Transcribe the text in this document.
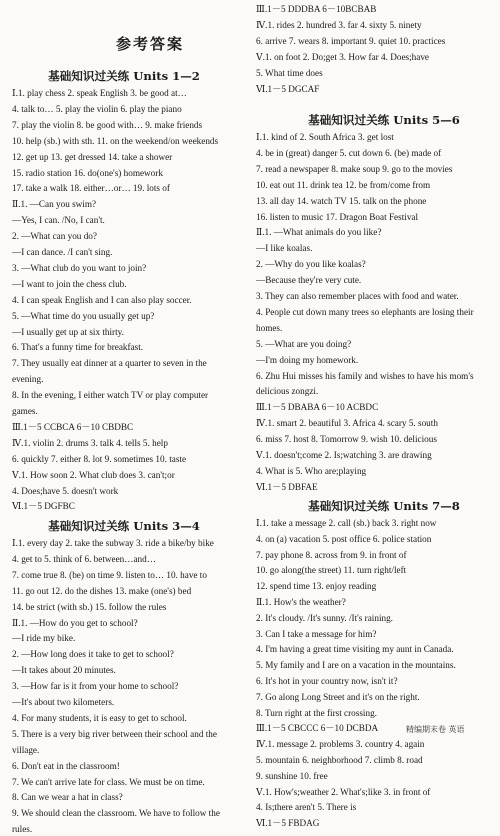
参考答案
基础知识过关练 Units 1—2
Ⅰ.1. play chess 2. speak English 3. be good at…
4. talk to… 5. play the violin 6. play the piano
7. play the violin 8. be good with… 9. make friends
10. help (sb.) with sth. 11. on the weekend/on weekends
12. get up 13. get dressed 14. take a shower
15. radio station 16. do(one's) homework
17. take a walk 18. either…or… 19. lots of
Ⅱ.1. —Can you swim?
—Yes, I can. /No, I can't.
2. —What can you do?
—I can dance. /I can't sing.
3. —What club do you want to join?
—I want to join the chess club.
4. I can speak English and I can also play soccer.
5. —What time do you usually get up?
—I usually get up at six thirty.
6. That's a funny time for breakfast.
7. They usually eat dinner at a quarter to seven in the
evening.
8. In the evening, I either watch TV or play computer
games.
Ⅲ.1－5 CCBCA 6－10 CBDBC
Ⅳ.1. violin 2. drums 3. talk 4. tells 5. help
6. quickly 7. either 8. lot 9. sometimes 10. taste
Ⅴ.1. How soon 2. What club does 3. can't;or
4. Does;have 5. doesn't work
Ⅵ.1－5 DGFBC
基础知识过关练 Units 3—4
Ⅰ.1. every day 2. take the subway 3. ride a bike/by bike
4. get to 5. think of 6. between…and…
7. come true 8. (be) on time 9. listen to… 10. have to
11. go out 12. do the dishes 13. make (one's) bed
14. be strict (with sb.) 15. follow the rules
Ⅱ.1. —How do you get to school?
—I ride my bike.
2. —How long does it take to get to school?
—It takes about 20 minutes.
3. —How far is it from your home to school?
—It's about two kilometers.
4. For many students, it is easy to get to school.
5. There is a very big river between their school and the
village.
6. Don't eat in the classroom!
7. We can't arrive late for class. We must be on time.
8. Can we wear a hat in class?
9. We should clean the classroom. We have to follow the
rules.
Ⅲ.1－5 DDDBA 6－10BCBAB
Ⅳ.1. rides 2. hundred 3. far 4. sixty 5. ninety
6. arrive 7. wears 8. important 9. quiet 10. practices
Ⅴ.1. on foot 2. Do;get 3. How far 4. Does;have
5. What time does
Ⅵ.1－5 DGCAF
基础知识过关练 Units 5—6
Ⅰ.1. kind of 2. South Africa 3. get lost
4. be in (great) danger 5. cut down 6. (be) made of
7. read a newspaper 8. make soup 9. go to the movies
10. eat out 11. drink tea 12. be from/come from
13. all day 14. watch TV 15. talk on the phone
16. listen to music 17. Dragon Boat Festival
Ⅱ.1. —What animals do you like?
—I like koalas.
2. —Why do you like koalas?
—Because they're very cute.
3. They can also remember places with food and water.
4. People cut down many trees so elephants are losing their
homes.
5. —What are you doing?
—I'm doing my homework.
6. Zhu Hui misses his family and wishes to have his mom's
delicious zongzi.
Ⅲ.1－5 DBABA 6－10 ACBDC
Ⅳ.1. smart 2. beautiful 3. Africa 4. scary 5. south
6. miss 7. host 8. Tomorrow 9. wish 10. delicious
Ⅴ.1. doesn't;come 2. Is;watching 3. are drawing
4. What is 5. Who are;playing
Ⅵ.1－5 DBFAE
基础知识过关练 Units 7—8
Ⅰ.1. take a message 2. call (sb.) back 3. right now
4. on (a) vacation 5. post office 6. police station
7. pay phone 8. across from 9. in front of
10. go along(the street) 11. turn right/left
12. spend time 13. enjoy reading
Ⅱ.1. How's the weather?
2. It's cloudy. /It's sunny. /It's raining.
3. Can I take a message for him?
4. I'm having a great time visiting my aunt in Canada.
5. My family and I are on a vacation in the mountains.
6. It's hot in your country now, isn't it?
7. Go along Long Street and it's on the right.
8. Turn right at the first crossing.
Ⅲ.1－5 CBCCC 6－10 DCBDA
Ⅳ.1. message 2. problems 3. country 4. again
5. mountain 6. neighborhood 7. climb 8. road
9. sunshine 10. free
Ⅴ.1. How's;weather 2. What's;like 3. in front of
4. Is;there aren't 5. There is
Ⅵ.1－5 FBDAG
精编期末卷 英语
